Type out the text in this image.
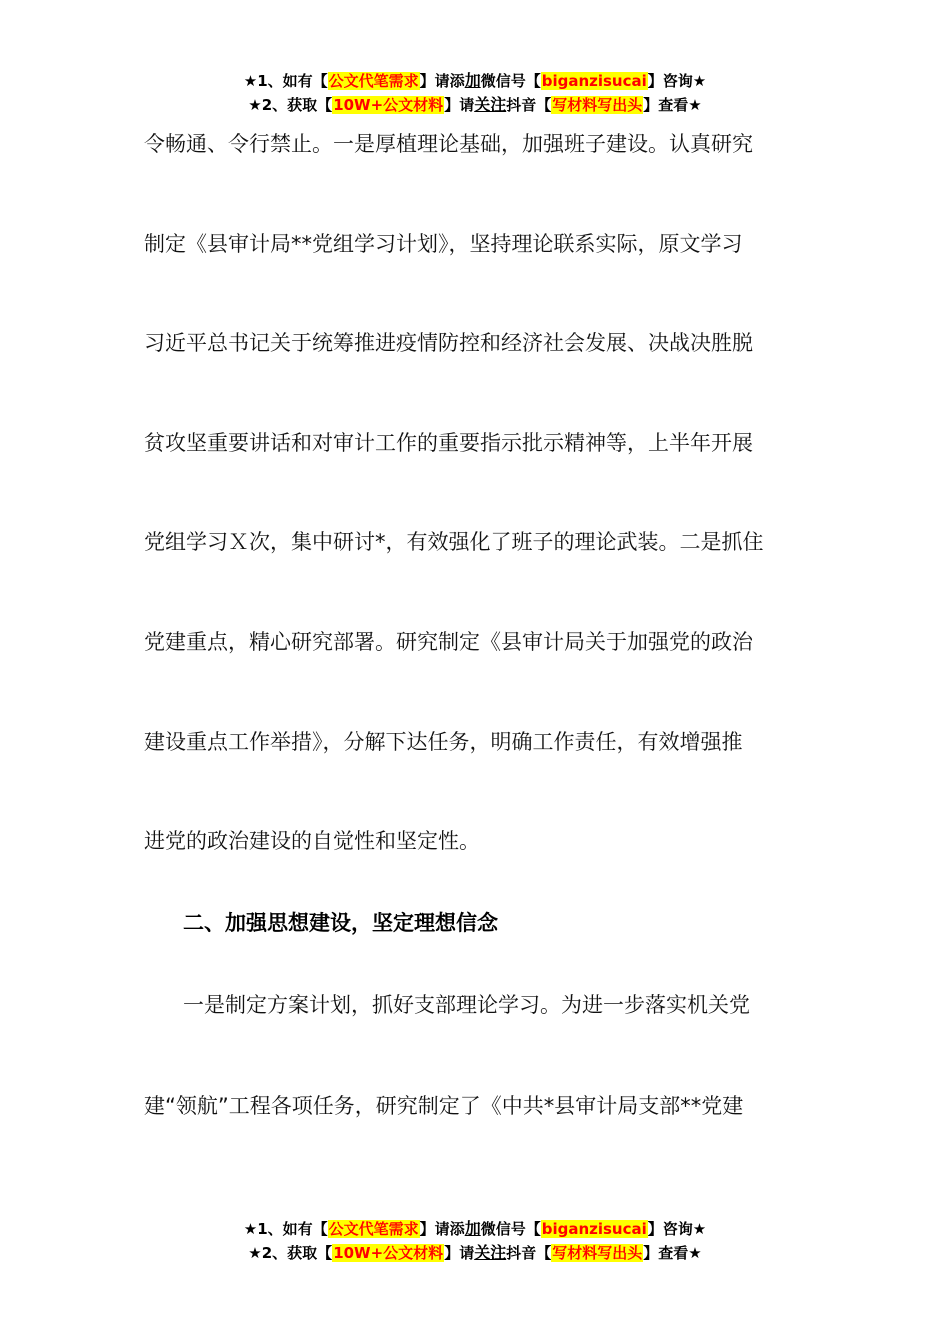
★1、如有【公文代笔需求】请添加微信号【biganzisucai】咨询★
★2、获取【10W+公文材料】请关注抖音【写材料写出头】查看★
令畅通、令行禁止。一是厚植理论基础，加强班子建设。认真研究
制定《县审计局**党组学习计划》，坚持理论联系实际，原文学习
习近平总书记关于统筹推进疫情防控和经济社会发展、决战决胜脱
贫攻坚重要讲话和对审计工作的重要指示批示精神等，上半年开展
党组学习Ｘ次，集中研讨*，有效强化了班子的理论武装。二是抓住
党建重点，精心研究部署。研究制定《县审计局关于加强党的政治
建设重点工作举措》，分解下达任务，明确工作责任，有效增强推
进党的政治建设的自觉性和坚定性。
二、加强思想建设，坚定理想信念
一是制定方案计划，抓好支部理论学习。为进一步落实机关党
建“领航”工程各项任务，研究制定了《中共*县审计局支部**党建
★1、如有【公文代笔需求】请添加微信号【biganzisucai】咨询★
★2、获取【10W+公文材料】请关注抖音【写材料写出头】查看★
